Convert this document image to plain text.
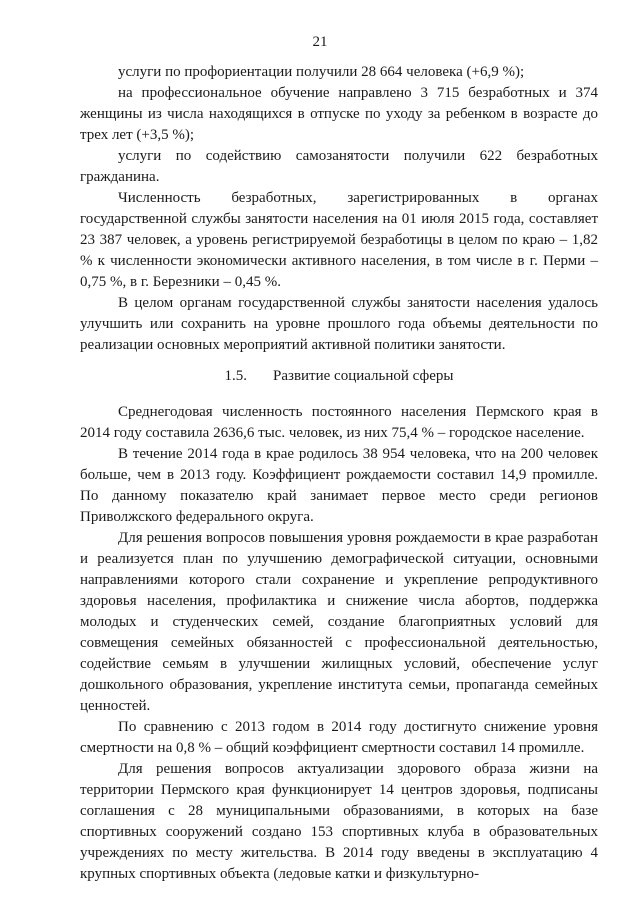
21

услуги по профориентации получили 28 664 человека (+6,9 %);

на профессиональное обучение направлено 3 715 безработных и 374 женщины из числа находящихся в отпуске по уходу за ребенком в возрасте до трех лет (+3,5 %);

услуги по содействию самозанятости получили 622 безработных гражданина.

Численность безработных, зарегистрированных в органах государственной службы занятости населения на 01 июля 2015 года, составляет 23 387 человек, а уровень регистрируемой безработицы в целом по краю – 1,82 % к численности экономически активного населения, в том числе в г. Перми – 0,75 %, в г. Березники – 0,45 %.

В целом органам государственной службы занятости населения удалось улучшить или сохранить на уровне прошлого года объемы деятельности по реализации основных мероприятий активной политики занятости.

1.5. Развитие социальной сферы

Среднегодовая численность постоянного населения Пермского края в 2014 году составила 2636,6 тыс. человек, из них 75,4 % – городское население.

В течение 2014 года в крае родилось 38 954 человека, что на 200 человек больше, чем в 2013 году. Коэффициент рождаемости составил 14,9 промилле. По данному показателю край занимает первое место среди регионов Приволжского федерального округа.

Для решения вопросов повышения уровня рождаемости в крае разработан и реализуется план по улучшению демографической ситуации, основными направлениями которого стали сохранение и укрепление репродуктивного здоровья населения, профилактика и снижение числа абортов, поддержка молодых и студенческих семей, создание благоприятных условий для совмещения семейных обязанностей с профессиональной деятельностью, содействие семьям в улучшении жилищных условий, обеспечение услуг дошкольного образования, укрепление института семьи, пропаганда семейных ценностей.

По сравнению с 2013 годом в 2014 году достигнуто снижение уровня смертности на 0,8 % – общий коэффициент смертности составил 14 промилле.

Для решения вопросов актуализации здорового образа жизни на территории Пермского края функционирует 14 центров здоровья, подписаны соглашения с 28 муниципальными образованиями, в которых на базе спортивных сооружений создано 153 спортивных клуба в образовательных учреждениях по месту жительства. В 2014 году введены в эксплуатацию 4 крупных спортивных объекта (ледовые катки и физкультурно-
